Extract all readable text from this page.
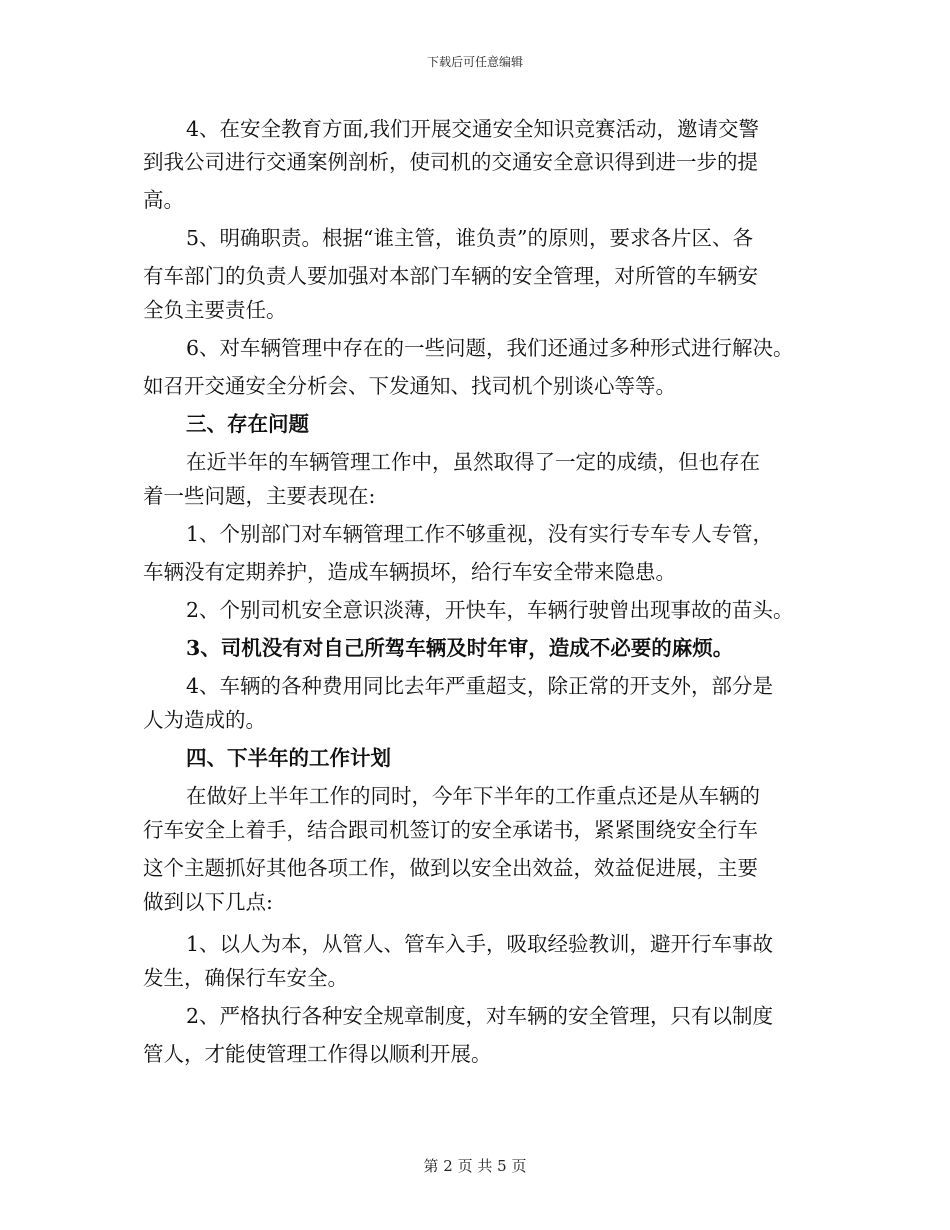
下载后可任意编辑
4、在安全教育方面,我们开展交通安全知识竞赛活动，邀请交警
到我公司进行交通案例剖析，使司机的交通安全意识得到进一步的提
高。
5、明确职责。根据“谁主管，谁负责”的原则，要求各片区、各
有车部门的负责人要加强对本部门车辆的安全管理，对所管的车辆安
全负主要责任。
6、对车辆管理中存在的一些问题，我们还通过多种形式进行解决。
如召开交通安全分析会、下发通知、找司机个别谈心等等。
三、存在问题
在近半年的车辆管理工作中，虽然取得了一定的成绩，但也存在
着一些问题，主要表现在:
1、个别部门对车辆管理工作不够重视，没有实行专车专人专管，
车辆没有定期养护，造成车辆损坏，给行车安全带来隐患。
2、个别司机安全意识淡薄，开快车，车辆行驶曾出现事故的苗头。
3、司机没有对自己所驾车辆及时年审，造成不必要的麻烦。
4、车辆的各种费用同比去年严重超支，除正常的开支外，部分是
人为造成的。
四、下半年的工作计划
在做好上半年工作的同时，今年下半年的工作重点还是从车辆的
行车安全上着手，结合跟司机签订的安全承诺书，紧紧围绕安全行车
这个主题抓好其他各项工作，做到以安全出效益，效益促进展，主要
做到以下几点:
1、以人为本，从管人、管车入手，吸取经验教训，避开行车事故
发生，确保行车安全。
2、严格执行各种安全规章制度，对车辆的安全管理，只有以制度
管人，才能使管理工作得以顺利开展。
第 2 页 共 5 页
